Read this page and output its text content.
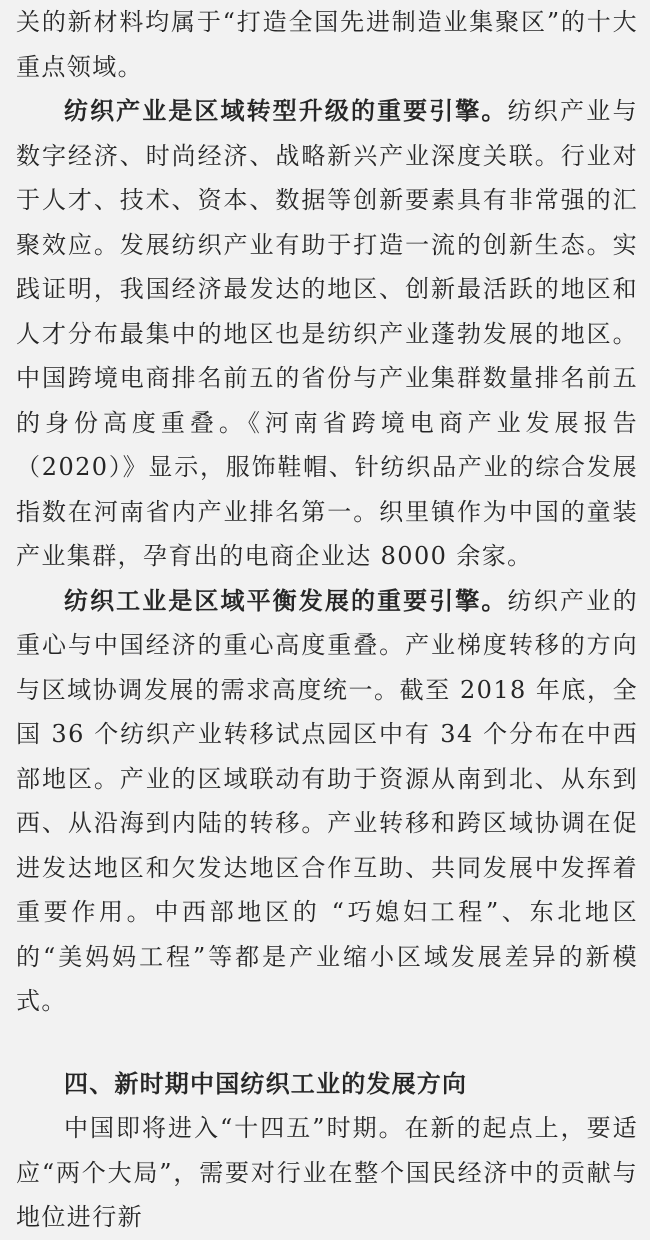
关的新材料均属于“打造全国先进制造业集聚区”的十大重点领域。

纺织产业是区域转型升级的重要引擎。纺织产业与数字经济、时尚经济、战略新兴产业深度关联。行业对于人才、技术、资本、数据等创新要素具有非常强的汇聚效应。发展纺织产业有助于打造一流的创新生态。实践证明，我国经济最发达的地区、创新最活跃的地区和人才分布最集中的地区也是纺织产业蓬勃发展的地区。中国跨境电商排名前五的省份与产业集群数量排名前五的身份高度重叠。《河南省跨境电商产业发展报告（2020）》显示，服饰鞋帽、针纺织品产业的综合发展指数在河南省内产业排名第一。织里镇作为中国的童装产业集群，孕育出的电商企业达 8000 余家。

纺织工业是区域平衡发展的重要引擎。纺织产业的重心与中国经济的重心高度重叠。产业梯度转移的方向与区域协调发展的需求高度统一。截至 2018 年底，全国 36 个纺织产业转移试点园区中有 34 个分布在中西部地区。产业的区域联动有助于资源从南到北、从东到西、从沿海到内陆的转移。产业转移和跨区域协调在促进发达地区和欠发达地区合作互助、共同发展中发挥着重要作用。中西部地区的 “巧媳妇工程”、东北地区的“美妈妈工程”等都是产业缩小区域发展差异的新模式。

四、新时期中国纺织工业的发展方向

中国即将进入“十四五”时期。在新的起点上，要适应“两个大局”，需要对行业在整个国民经济中的贡献与地位进行新
